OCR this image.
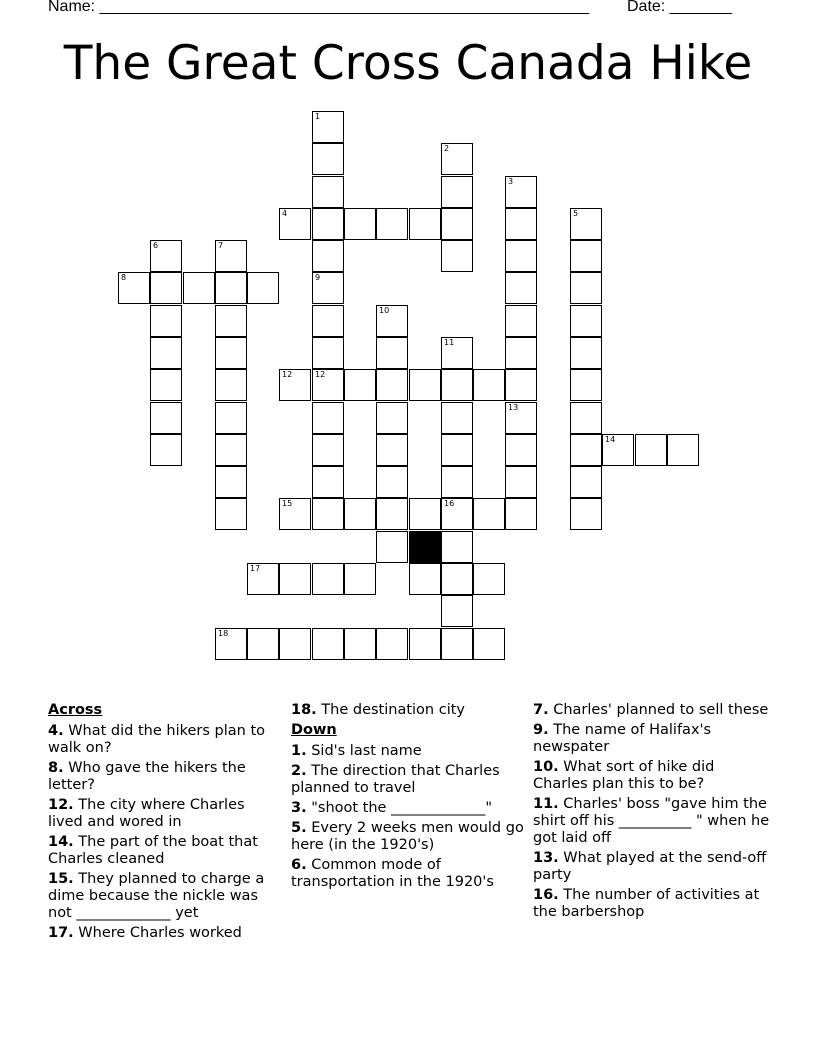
Name: _______________________________________________________ Date: _______
The Great Cross Canada Hike
1
12
2
4
3
5
6	7
8	9
10
11
16
12
13
14
15
17
18

Across

4. What did the hikers plan to walk on?

8. Who gave the hikers the letter?

12. The city where Charles lived and wored in

14. The part of the boat that Charles cleaned

15. They planned to charge a dime because the nickle was not _____________ yet

17. Where Charles worked

18. The destination city

Down

1. Sid's last name

2. The direction that Charles planned to travel

3. "shoot the _____________"

5. Every 2 weeks men would go here (in the 1920's)

6. Common mode of transportation in the 1920's

7. Charles' planned to sell these

9. The name of Halifax's newspater

10. What sort of hike did Charles plan this to be?

11. Charles' boss "gave him the shirt off his __________ " when he got laid off

13. What played at the send-off party

16. The number of activities at the barbershop
